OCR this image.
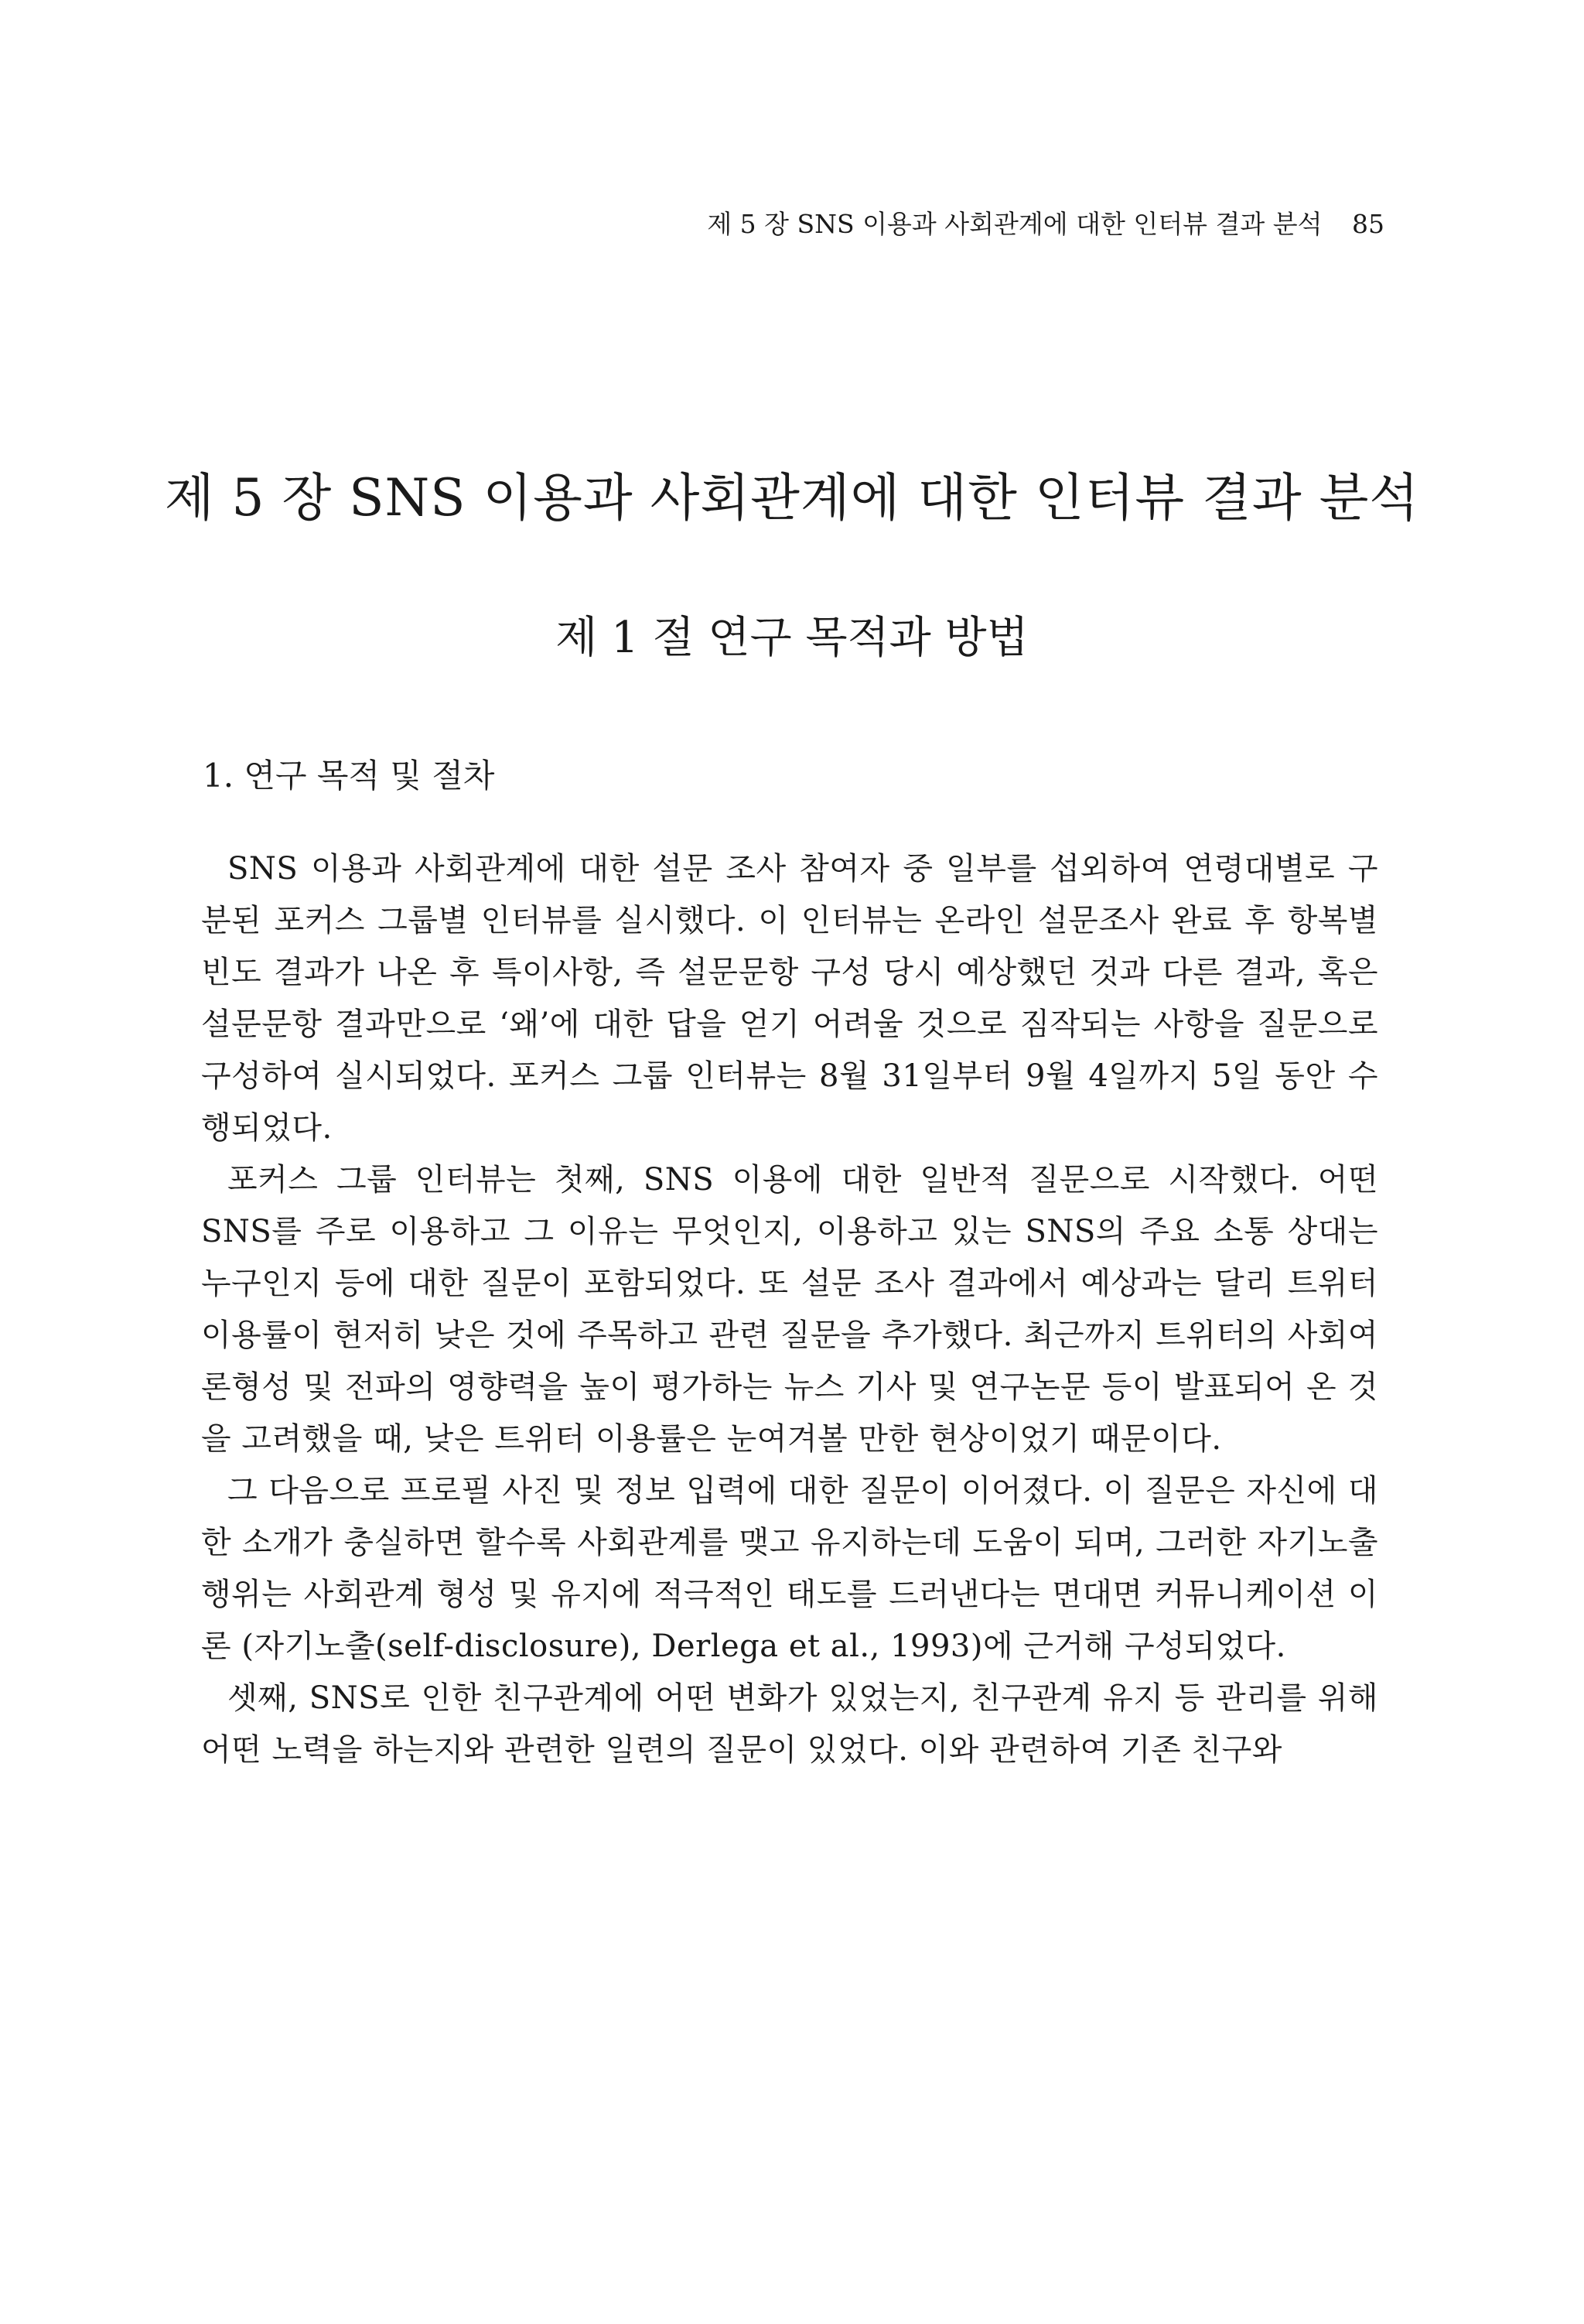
제 5 장 SNS 이용과 사회관계에 대한 인터뷰 결과 분석 85
제 5 장 SNS 이용과 사회관계에 대한 인터뷰 결과 분석
제 1 절 연구 목적과 방법
1. 연구 목적 및 절차

SNS 이용과 사회관계에 대한 설문 조사 참여자 중 일부를 섭외하여 연령대별로 구분된 포커스 그룹별 인터뷰를 실시했다. 이 인터뷰는 온라인 설문조사 완료 후 항복별 빈도 결과가 나온 후 특이사항, 즉 설문문항 구성 당시 예상했던 것과 다른 결과, 혹은 설문문항 결과만으로 ‘왜’에 대한 답을 얻기 어려울 것으로 짐작되는 사항을 질문으로 구성하여 실시되었다. 포커스 그룹 인터뷰는 8월 31일부터 9월 4일까지 5일 동안 수행되었다.

포커스 그룹 인터뷰는 첫째, SNS 이용에 대한 일반적 질문으로 시작했다. 어떤 SNS를 주로 이용하고 그 이유는 무엇인지, 이용하고 있는 SNS의 주요 소통 상대는 누구인지 등에 대한 질문이 포함되었다. 또 설문 조사 결과에서 예상과는 달리 트위터 이용률이 현저히 낮은 것에 주목하고 관련 질문을 추가했다. 최근까지 트위터의 사회여론형성 및 전파의 영향력을 높이 평가하는 뉴스 기사 및 연구논문 등이 발표되어 온 것을 고려했을 때, 낮은 트위터 이용률은 눈여겨볼 만한 현상이었기 때문이다.

그 다음으로 프로필 사진 및 정보 입력에 대한 질문이 이어졌다. 이 질문은 자신에 대한 소개가 충실하면 할수록 사회관계를 맺고 유지하는데 도움이 되며, 그러한 자기노출 행위는 사회관계 형성 및 유지에 적극적인 태도를 드러낸다는 면대면 커뮤니케이션 이론 (자기노출(self-disclosure), Derlega et al., 1993)에 근거해 구성되었다.

셋째, SNS로 인한 친구관계에 어떤 변화가 있었는지, 친구관계 유지 등 관리를 위해 어떤 노력을 하는지와 관련한 일련의 질문이 있었다. 이와 관련하여 기존 친구와
